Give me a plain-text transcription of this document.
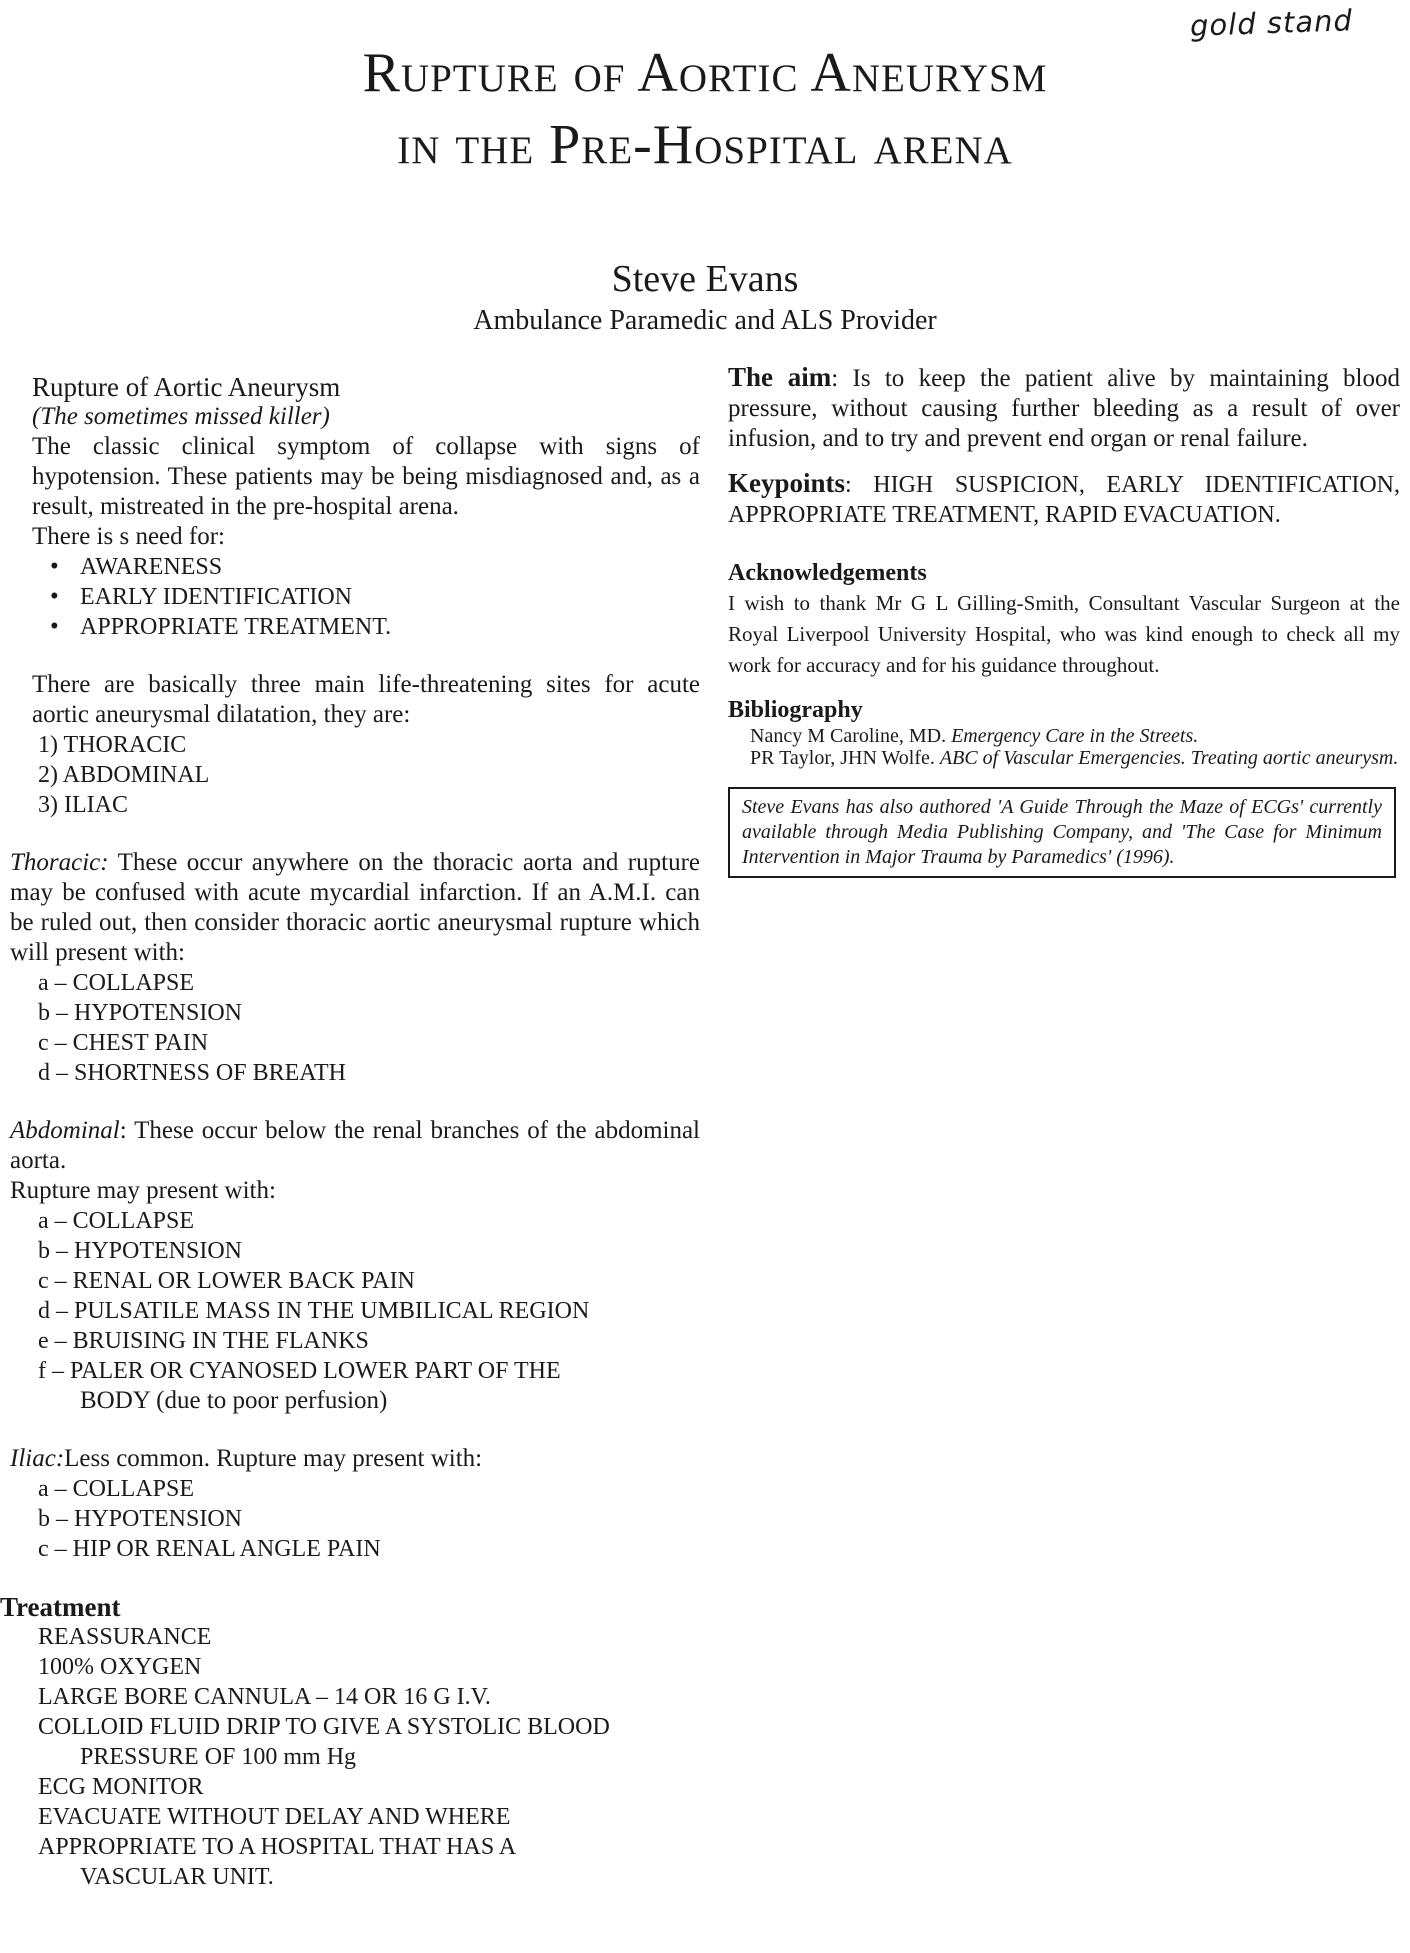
gold stand
Rupture of Aortic Aneurysm
in the Pre-Hospital arena
Steve Evans
Ambulance Paramedic and ALS Provider
Rupture of Aortic Aneurysm
(The sometimes missed killer)
The classic clinical symptom of collapse with signs of hypotension. These patients may be being misdiagnosed and, as a result, mistreated in the pre-hospital arena.
There is s need for:
• AWARENESS
• EARLY IDENTIFICATION
• APPROPRIATE TREATMENT.
There are basically three main life-threatening sites for acute aortic aneurysmal dilatation, they are:
1) THORACIC
2) ABDOMINAL
3) ILIAC
Thoracic: These occur anywhere on the thoracic aorta and rupture may be confused with acute mycardial infarction. If an A.M.I. can be ruled out, then consider thoracic aortic aneurysmal rupture which will present with:
a – COLLAPSE
b – HYPOTENSION
c – CHEST PAIN
d – SHORTNESS OF BREATH
Abdominal: These occur below the renal branches of the abdominal aorta.
Rupture may present with:
a – COLLAPSE
b – HYPOTENSION
c – RENAL OR LOWER BACK PAIN
d – PULSATILE MASS IN THE UMBILICAL REGION
e – BRUISING IN THE FLANKS
f – PALER OR CYANOSED LOWER PART OF THE
BODY (due to poor perfusion)
Iliac:Less common. Rupture may present with:
a – COLLAPSE
b – HYPOTENSION
c – HIP OR RENAL ANGLE PAIN
Treatment
REASSURANCE
100% OXYGEN
LARGE BORE CANNULA – 14 OR 16 G I.V.
COLLOID FLUID DRIP TO GIVE A SYSTOLIC BLOOD
PRESSURE OF 100 mm Hg
ECG MONITOR
EVACUATE WITHOUT DELAY AND WHERE
APPROPRIATE TO A HOSPITAL THAT HAS A
VASCULAR UNIT.
The aim: Is to keep the patient alive by maintaining blood pressure, without causing further bleeding as a result of over infusion, and to try and prevent end organ or renal failure.
Keypoints: HIGH SUSPICION, EARLY IDENTIFICATION, APPROPRIATE TREATMENT, RAPID EVACUATION.
Acknowledgements
I wish to thank Mr G L Gilling-Smith, Consultant Vascular Surgeon at the Royal Liverpool University Hospital, who was kind enough to check all my work for accuracy and for his guidance throughout.
Bibliography
Nancy M Caroline, MD. Emergency Care in the Streets.
PR Taylor, JHN Wolfe. ABC of Vascular Emergencies. Treating aortic aneurysm.
Steve Evans has also authored 'A Guide Through the Maze of ECGs' currently available through Media Publishing Company, and 'The Case for Minimum Intervention in Major Trauma by Paramedics' (1996).
